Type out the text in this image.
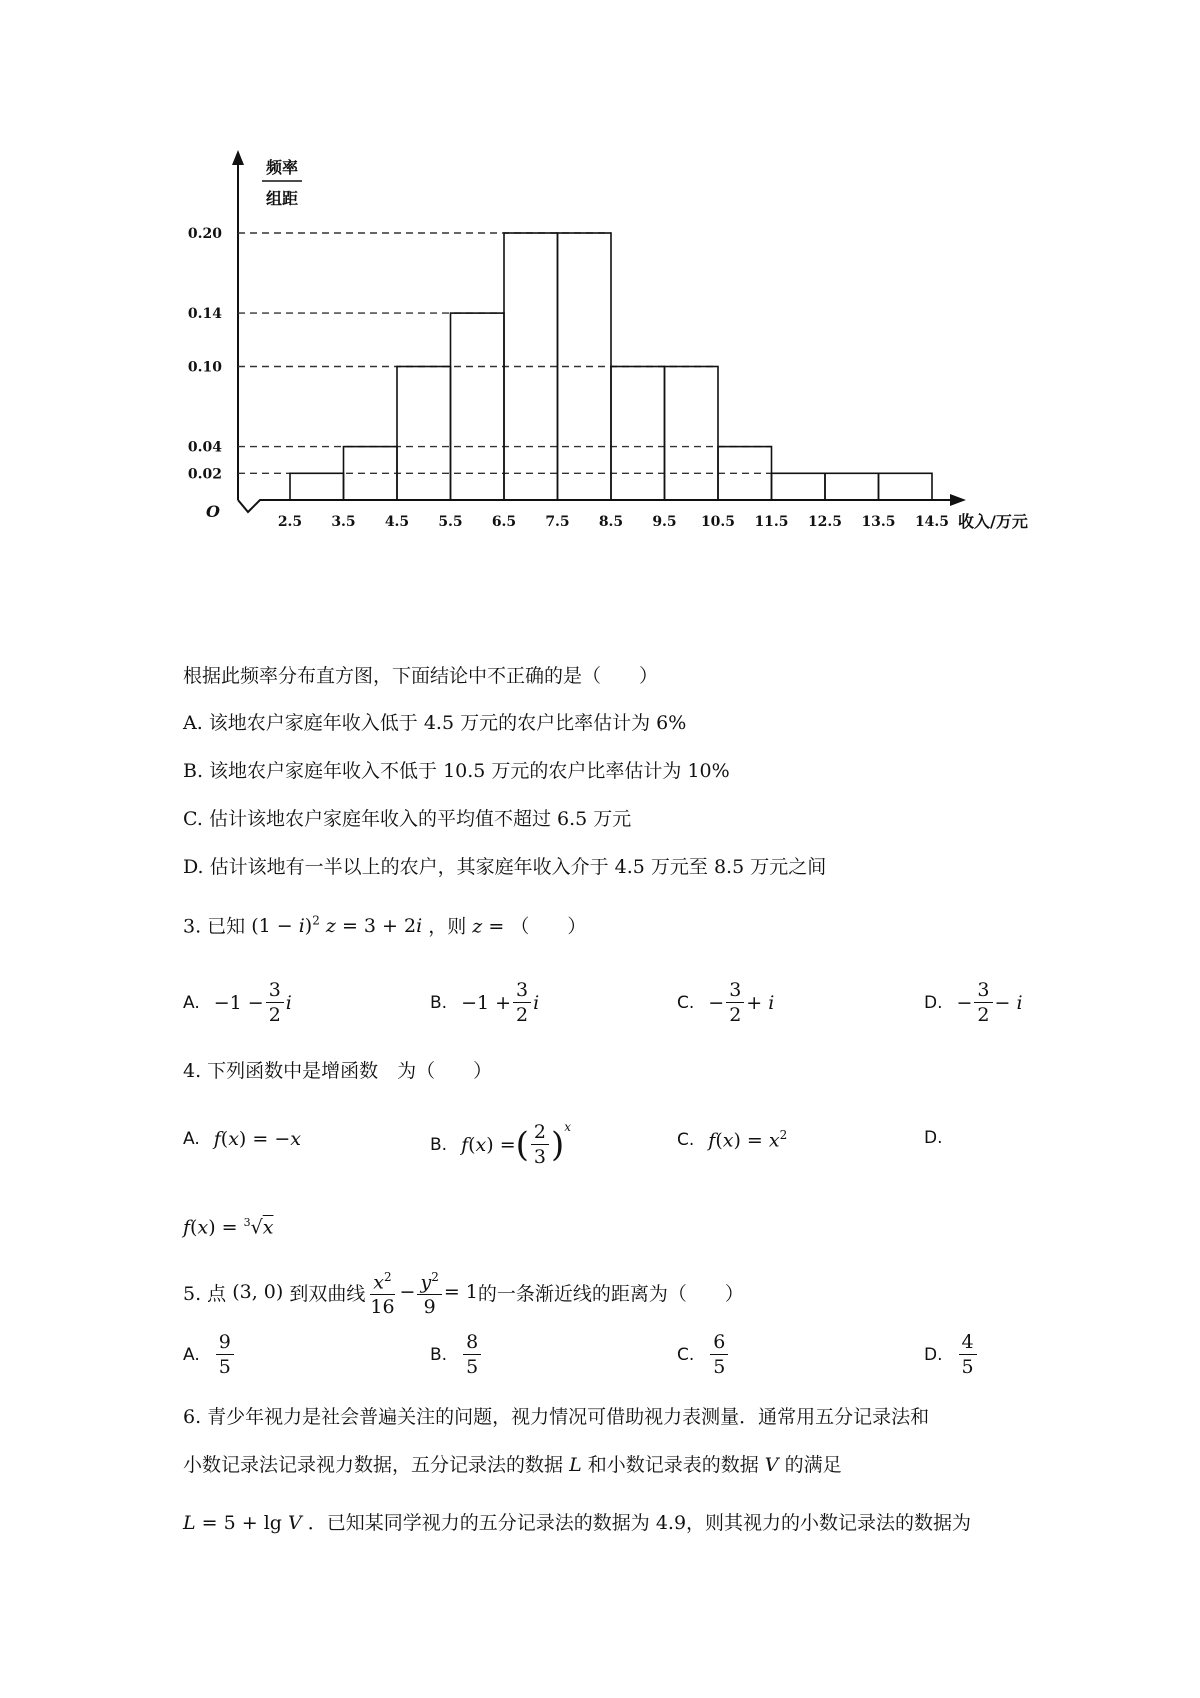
2.5 3.5 4.5 5.5 6.5 7.5 8.5 9.5 10.5 11.5 12.5 13.5 14.5
0.20
0.14
0.10
0.04
0.02
O
频率
组距
收入/万元
根据此频率分布直方图，下面结论中不正确的是（　　）
A. 该地农户家庭年收入低于 4.5 万元的农户比率估计为 6%
B. 该地农户家庭年收入不低于 10.5 万元的农户比率估计为 10%
C. 估计该地农户家庭年收入的平均值不超过 6.5 万元
D. 估计该地有一半以上的农户，其家庭年收入介于 4.5 万元至 8.5 万元之间
3. 已知 $(1 - i)^2$ z = 3 + 2i ，则 z = （　　）
A. $-1 - \frac{3}{2}$ i	B. $-1 + \frac{3}{2}$ i	C. − $\frac{3}{2} + i$	D. − $\frac{3}{2} - i$
4. 下列函数中是增函数　为（　　）
A. f(x) = −x	B. f(x) = ( $\frac{2}{3} )^x$
C. $f(x) = x^2$	D.
f(x) = $^3$√x
5. 点 (3, 0) 到双曲线 $\frac{x^2}{16} - \frac{y^2}{9} = 1$ 的一条渐近线的距离为（　　）
A. $\frac{9}{5}$	B. $\frac{8}{5}$	C. $\frac{6}{5}$	D. $\frac{4}{5}$
6. 青少年视力是社会普遍关注的问题，视力情况可借助视力表测量．通常用五分记录法和
小数记录法记录视力数据，五分记录法的数据 L 和小数记录表的数据 V 的满足
L = 5 + lg V ．已知某同学视力的五分记录法的数据为 4.9，则其视力的小数记录法的数据为
